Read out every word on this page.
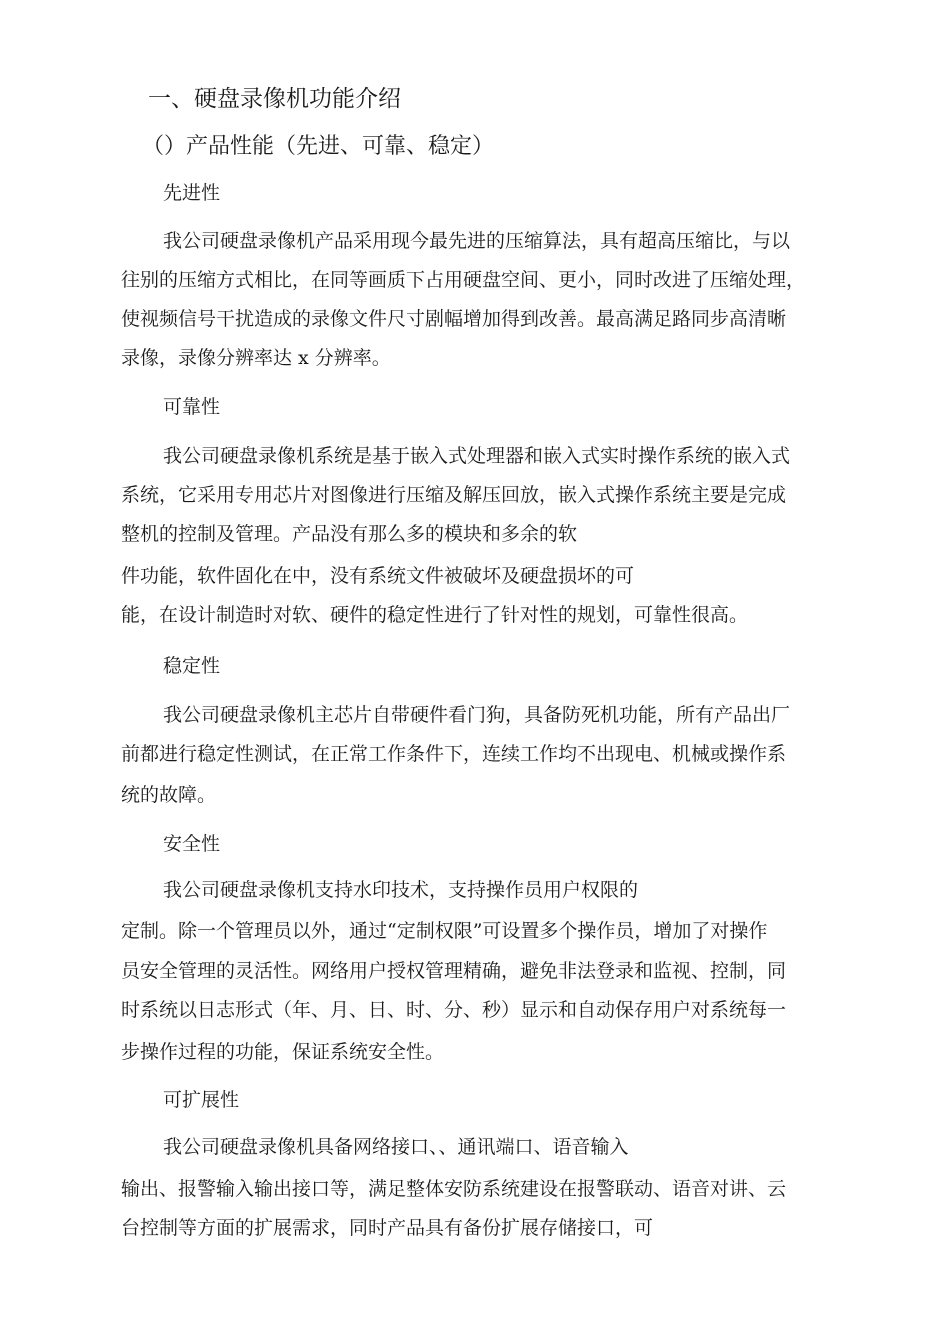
一、硬盘录像机功能介绍
（）产品性能（先进、可靠、稳定）
先进性
我公司硬盘录像机产品采用现今最先进的压缩算法，具有超高压缩比，与以
往别的压缩方式相比，在同等画质下占用硬盘空间、更小，同时改进了压缩处理，
使视频信号干扰造成的录像文件尺寸剧幅增加得到改善。最高满足路同步高清晰
录像，录像分辨率达 x 分辨率。
可靠性
我公司硬盘录像机系统是基于嵌入式处理器和嵌入式实时操作系统的嵌入式
系统，它采用专用芯片对图像进行压缩及解压回放，嵌入式操作系统主要是完成
整机的控制及管理。产品没有那么多的模块和多余的软
件功能，软件固化在中，没有系统文件被破坏及硬盘损坏的可
能，在设计制造时对软、硬件的稳定性进行了针对性的规划，可靠性很高。
稳定性
我公司硬盘录像机主芯片自带硬件看门狗，具备防死机功能，所有产品出厂
前都进行稳定性测试，在正常工作条件下，连续工作均不出现电、机械或操作系
统的故障。
安全性
我公司硬盘录像机支持水印技术，支持操作员用户权限的
定制。除一个管理员以外，通过“定制权限”可设置多个操作员，增加了对操作
员安全管理的灵活性。网络用户授权管理精确，避免非法登录和监视、控制，同
时系统以日志形式（年、月、日、时、分、秒）显示和自动保存用户对系统每一
步操作过程的功能，保证系统安全性。
可扩展性
我公司硬盘录像机具备网络接口、、通讯端口、语音输入
输出、报警输入输出接口等，满足整体安防系统建设在报警联动、语音对讲、云
台控制等方面的扩展需求，同时产品具有备份扩展存储接口，可
